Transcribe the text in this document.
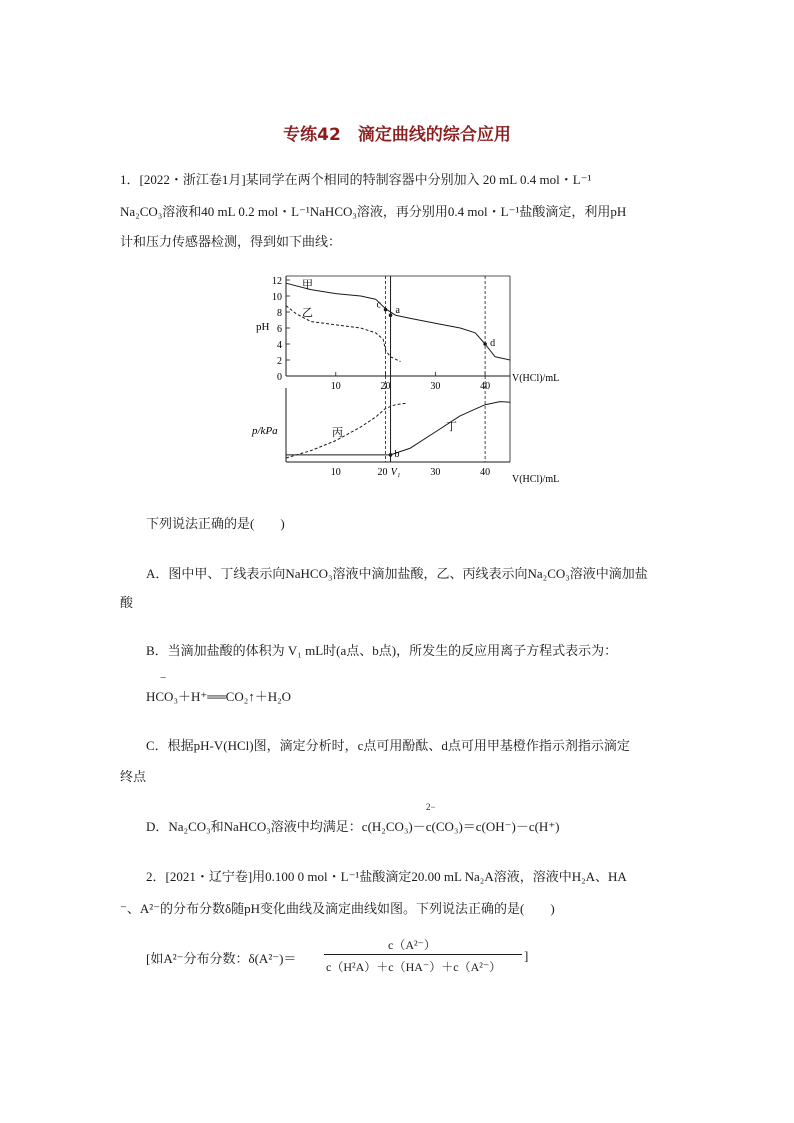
专练42　滴定曲线的综合应用
1．[2022・浙江卷1月]某同学在两个相同的特制容器中分别加入 20 mL 0.4 mol・L⁻¹
Na₂CO₃溶液和40 mL 0.2 mol・L⁻¹NaHCO₃溶液，再分别用0.4 mol・L⁻¹盐酸滴定，利用pH
计和压力传感器检测，得到如下曲线：
0
2
4
6
8
10
12
10	20	30	40
10	20 V₁	30	40
c
a
d
b
pH
p/kPa
V(HCl)/mL
V(HCl)/mL
甲
乙
丙	丁
下列说法正确的是(　　)
A．图中甲、丁线表示向NaHCO₃溶液中滴加盐酸，乙、丙线表示向Na₂CO₃溶液中滴加盐
酸
B．当滴加盐酸的体积为 V₁ mL时(a点、b点)，所发生的反应用离子方程式表示为：
−
HCO₃＋H⁺══CO₂↑＋H₂O
C．根据pH‑V(HCl)图，滴定分析时，c点可用酚酞、d点可用甲基橙作指示剂指示滴定
终点
2−
D．Na₂CO₃和NaHCO₃溶液中均满足：c(H₂CO₃)－c(CO₃)＝c(OH⁻)－c(H⁺)
2．[2021・辽宁卷]用0.100 0 mol・L⁻¹盐酸滴定20.00 mL Na₂A溶液，溶液中H₂A、HA
⁻、A²⁻的分布分数δ随pH变化曲线及滴定曲线如图。下列说法正确的是(　　)
[如A²⁻分布分数：δ(A²⁻)＝
c（A²⁻）
c（H²A）＋c（HA⁻）＋c（A²⁻）
]
